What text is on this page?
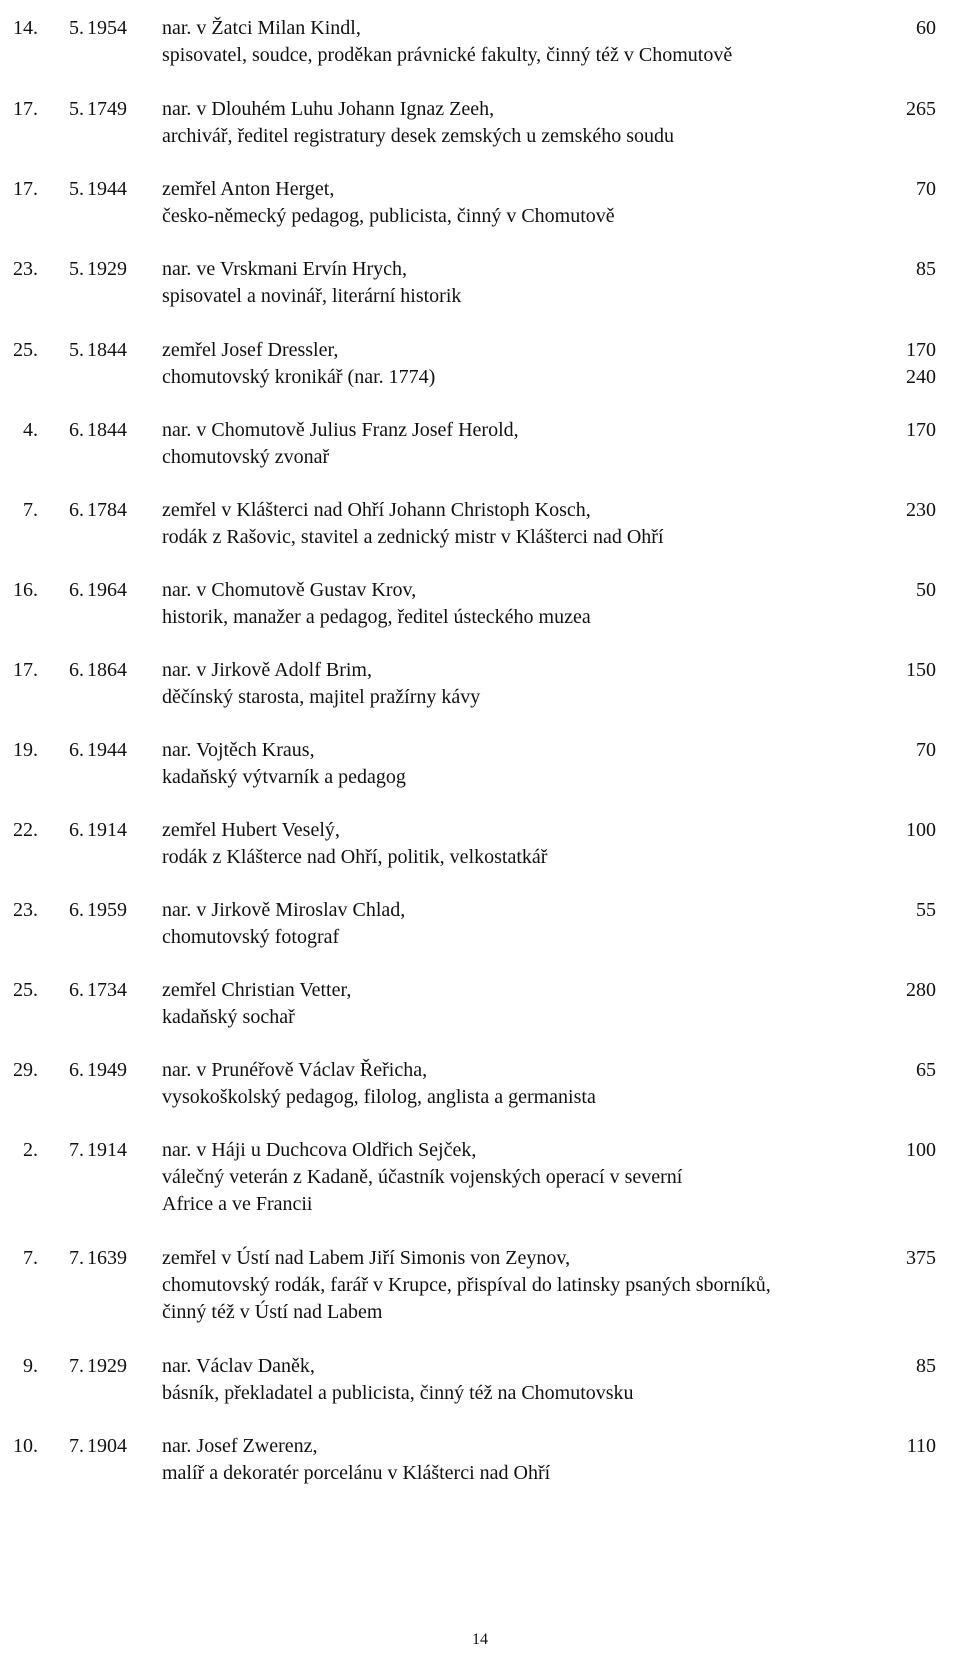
14.	5. 1954	nar. v Žatci Milan Kindl,	60
spisovatel, soudce, proděkan právnické fakulty, činný též v Chomutově
17.	5. 1749	nar. v Dlouhém Luhu Johann Ignaz Zeeh,	265
archivář, ředitel registratury desek zemských u zemského soudu
17.	5. 1944	zemřel Anton Herget,	70
česko-německý pedagog, publicista, činný v Chomutově
23.	5. 1929	nar. ve Vrskmani Ervín Hrych,	85
spisovatel a novinář, literární historik
25.	5. 1844	zemřel Josef Dressler,	170
chomutovský kronikář (nar. 1774)	240
4.	6. 1844	nar. v Chomutově Julius Franz Josef Herold,	170
chomutovský zvonař
7.	6. 1784	zemřel v Klášterci nad Ohří Johann Christoph Kosch,	230
rodák z Rašovic, stavitel a zednický mistr v Klášterci nad Ohří
16.	6. 1964	nar. v Chomutově Gustav Krov,	50
historik, manažer a pedagog, ředitel ústeckého muzea
17.	6. 1864	nar. v Jirkově Adolf Brim,	150
děčínský starosta, majitel pražírny kávy
19.	6. 1944	nar. Vojtěch Kraus,	70
kadaňský výtvarník a pedagog
22.	6. 1914	zemřel Hubert Veselý,	100
rodák z Klášterce nad Ohří, politik, velkostatkář
23.	6. 1959	nar. v Jirkově Miroslav Chlad,	55
chomutovský fotograf
25.	6. 1734	zemřel Christian Vetter,	280
kadaňský sochař
29.	6. 1949	nar. v Prunéřově Václav Řeřicha,	65
vysokoškolský pedagog, filolog, anglista a germanista
2.	7. 1914	nar. v Háji u Duchcova Oldřich Sejček,	100
válečný veterán z Kadaně, účastník vojenských operací v severní
Africe a ve Francii
7.	7. 1639	zemřel v Ústí nad Labem Jiří Simonis von Zeynov,	375
chomutovský rodák, farář v Krupce, přispíval do latinsky psaných sborníků,
činný též v Ústí nad Labem
9.	7. 1929	nar. Václav Daněk,	85
básník, překladatel a publicista, činný též na Chomutovsku
10.	7. 1904	nar. Josef Zwerenz,	110
malíř a dekoratér porcelánu v Klášterci nad Ohří
14
